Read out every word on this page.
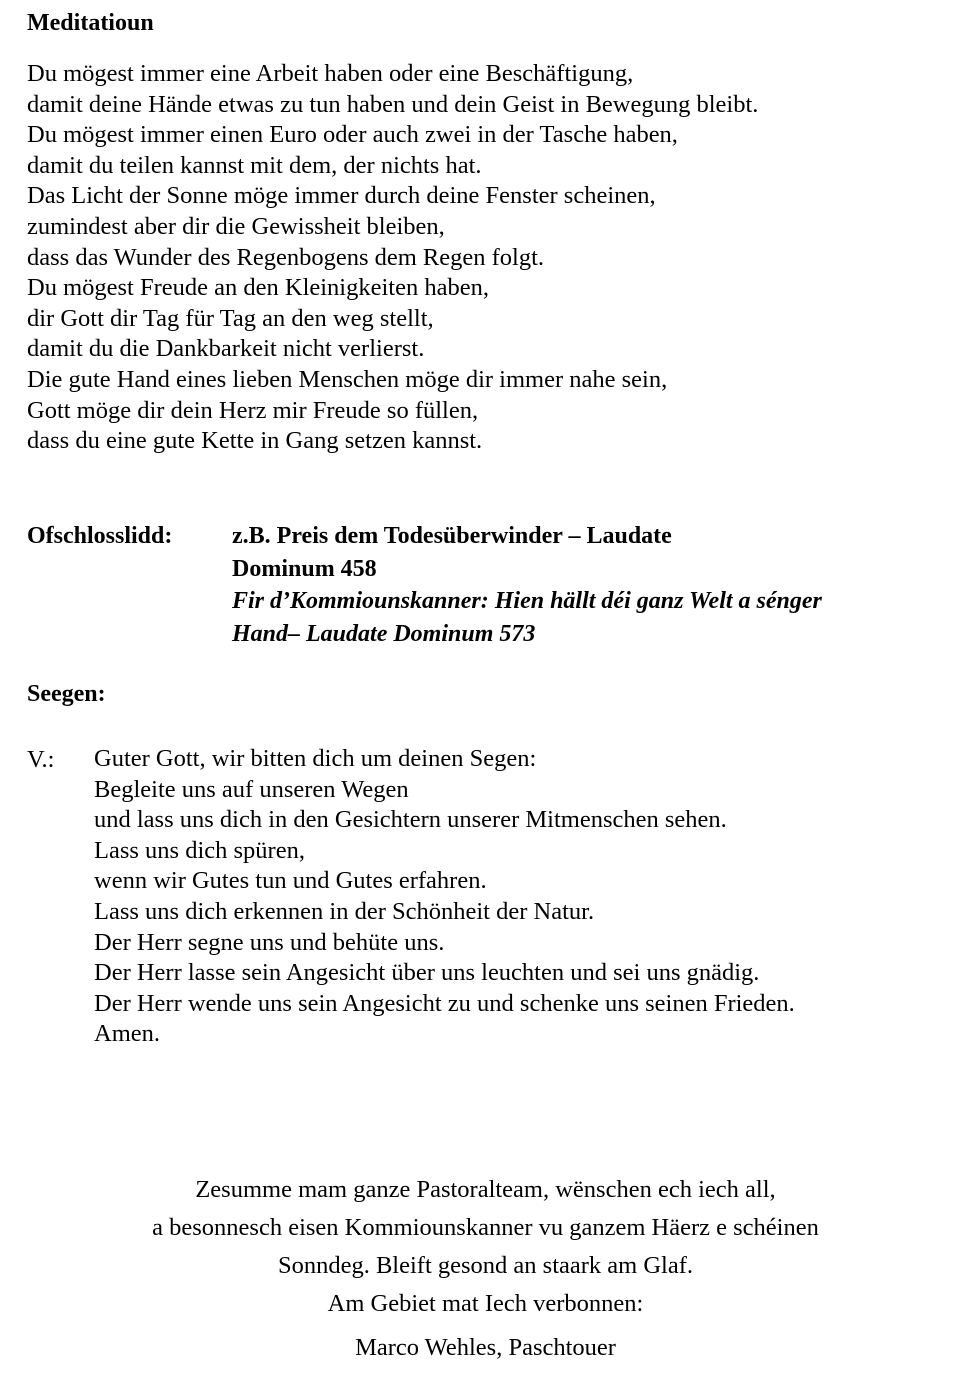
Meditatioun
Du mögest immer eine Arbeit haben oder eine Beschäftigung,
damit deine Hände etwas zu tun haben und dein Geist in Bewegung bleibt.
Du mögest immer einen Euro oder auch zwei in der Tasche haben,
damit du teilen kannst mit dem, der nichts hat.
Das Licht der Sonne möge immer durch deine Fenster scheinen,
zumindest aber dir die Gewissheit bleiben,
dass das Wunder des Regenbogens dem Regen folgt.
Du mögest Freude an den Kleinigkeiten haben,
dir Gott dir Tag für Tag an den weg stellt,
damit du die Dankbarkeit nicht verlierst.
Die gute Hand eines lieben Menschen möge dir immer nahe sein,
Gott möge dir dein Herz mir Freude so füllen,
dass du eine gute Kette in Gang setzen kannst.
Ofschlosslidd:	z.B. Preis dem Todesüberwinder – Laudate
Dominum 458
Fir d’Kommiounskanner: Hien hällt déi ganz Welt a sénger
Hand– Laudate Dominum 573
Seegen:
V.:	Guter Gott, wir bitten dich um deinen Segen:
Begleite uns auf unseren Wegen
und lass uns dich in den Gesichtern unserer Mitmenschen sehen.
Lass uns dich spüren,
wenn wir Gutes tun und Gutes erfahren.
Lass uns dich erkennen in der Schönheit der Natur.
Der Herr segne uns und behüte uns.
Der Herr lasse sein Angesicht über uns leuchten und sei uns gnädig.
Der Herr wende uns sein Angesicht zu und schenke uns seinen Frieden.
Amen.
Zesumme mam ganze Pastoralteam, wënschen ech iech all,
a besonnesch eisen Kommiounskanner vu ganzem Häerz e schéinen
Sonndeg. Bleift gesond an staark am Glaf.
Am Gebiet mat Iech verbonnen:
Marco Wehles, Paschtouer
